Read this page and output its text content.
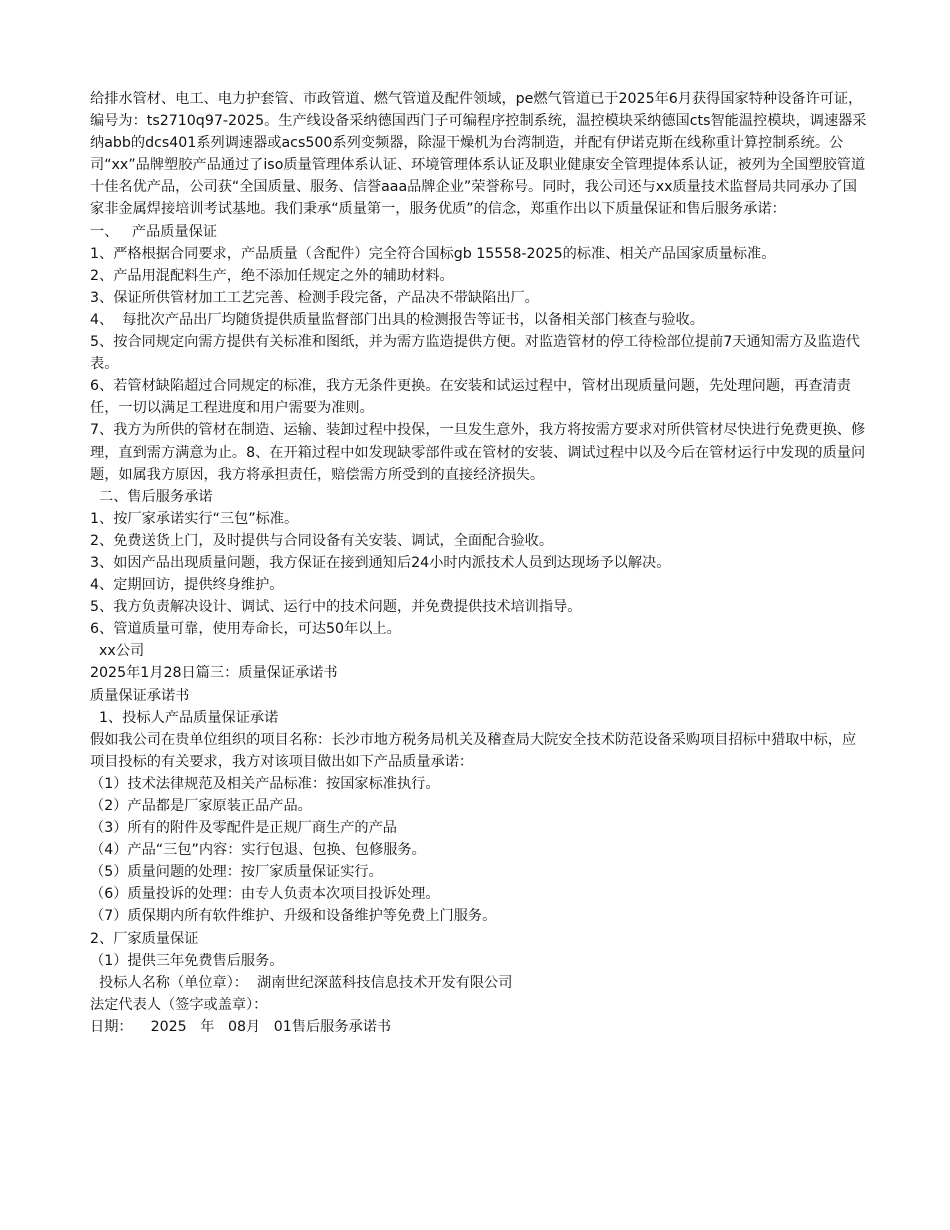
给排水管材、电工、电力护套管、市政管道、燃气管道及配件领域，pe燃气管道已于2025年6月获得国家特种设备许可证，编号为：ts2710q97-2025。生产线设备采纳德国西门子可编程序控制系统，温控模块采纳德国cts智能温控模块，调速器采纳abb的dcs401系列调速器或acs500系列变频器，除湿干燥机为台湾制造，并配有伊诺克斯在线称重计算控制系统。公司“xx”品牌塑胶产品通过了iso质量管理体系认证、环境管理体系认证及职业健康安全管理提体系认证，被列为全国塑胶管道十佳名优产品，公司获“全国质量、服务、信誉aaa品牌企业”荣誉称号。同时，我公司还与xx质量技术监督局共同承办了国家非金属焊接培训考试基地。我们秉承“质量第一，服务优质”的信念，郑重作出以下质量保证和售后服务承诺：

一、   产品质量保证

1、严格根据合同要求，产品质量（含配件）完全符合国标gb 15558-2025的标准、相关产品国家质量标准。

2、产品用混配料生产，绝不添加任规定之外的辅助材料。

3、保证所供管材加工工艺完善、检测手段完备，产品决不带缺陷出厂。

4、  每批次产品出厂均随货提供质量监督部门出具的检测报告等证书，以备相关部门核查与验收。

5、按合同规定向需方提供有关标准和图纸，并为需方监造提供方便。对监造管材的停工待检部位提前7天通知需方及监造代表。

6、若管材缺陷超过合同规定的标准，我方无条件更换。在安装和试运过程中，管材出现质量问题，先处理问题，再查清责任，一切以满足工程进度和用户需要为准则。

7、我方为所供的管材在制造、运输、装卸过程中投保，一旦发生意外，我方将按需方要求对所供管材尽快进行免费更换、修理，直到需方满意为止。8、在开箱过程中如发现缺零部件或在管材的安装、调试过程中以及今后在管材运行中发现的质量问题，如属我方原因，我方将承担责任，赔偿需方所受到的直接经济损失。

二、售后服务承诺

1、按厂家承诺实行“三包”标准。

2、免费送货上门，及时提供与合同设备有关安装、调试，全面配合验收。

3、如因产品出现质量问题，我方保证在接到通知后24小时内派技术人员到达现场予以解决。

4、定期回访，提供终身维护。

5、我方负责解决设计、调试、运行中的技术问题，并免费提供技术培训指导。

6、管道质量可靠，使用寿命长，可达50年以上。

xx公司

2025年1月28日篇三：质量保证承诺书

质量保证承诺书

1、投标人产品质量保证承诺

假如我公司在贵单位组织的项目名称：长沙市地方税务局机关及稽查局大院安全技术防范设备采购项目招标中猎取中标，应项目投标的有关要求，我方对该项目做出如下产品质量承诺：

（1）技术法律规范及相关产品标准：按国家标准执行。

（2）产品都是厂家原装正品产品。

（3）所有的附件及零配件是正规厂商生产的产品

（4）产品“三包”内容：实行包退、包换、包修服务。

（5）质量问题的处理：按厂家质量保证实行。

（6）质量投诉的处理：由专人负责本次项目投诉处理。

（7）质保期内所有软件维护、升级和设备维护等免费上门服务。

2、厂家质量保证

（1）提供三年免费售后服务。

投标人名称（单位章）：  湖南世纪深蓝科技信息技术开发有限公司

法定代表人（签字或盖章）：

日期：    2025   年   08月   01售后服务承诺书
